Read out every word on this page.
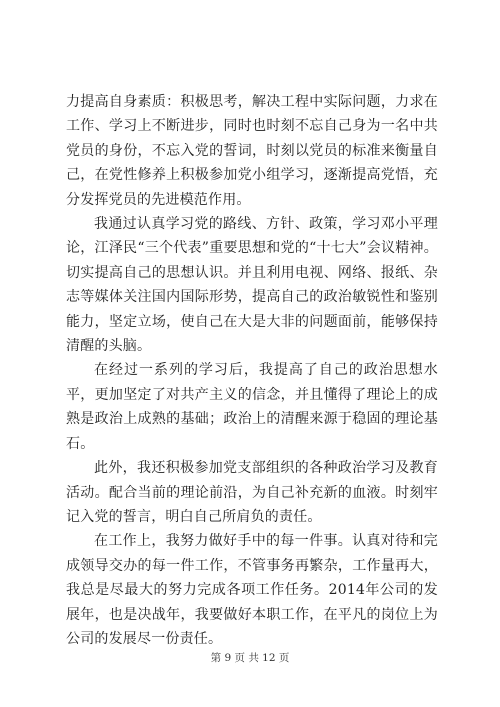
力提高自身素质：积极思考，解决工程中实际问题，力求在工作、学习上不断进步，同时也时刻不忘自己身为一名中共党员的身份，不忘入党的誓词，时刻以党员的标准来衡量自己，在党性修养上积极参加党小组学习，逐渐提高党悟，充分发挥党员的先进模范作用。

我通过认真学习党的路线、方针、政策，学习邓小平理论，江泽民“三个代表”重要思想和党的“十七大”会议精神。切实提高自己的思想认识。并且利用电视、网络、报纸、杂志等媒体关注国内国际形势，提高自己的政治敏锐性和鉴别能力，坚定立场，使自己在大是大非的问题面前，能够保持清醒的头脑。

在经过一系列的学习后，我提高了自己的政治思想水平，更加坚定了对共产主义的信念，并且懂得了理论上的成熟是政治上成熟的基础；政治上的清醒来源于稳固的理论基石。

此外，我还积极参加党支部组织的各种政治学习及教育活动。配合当前的理论前沿，为自己补充新的血液。时刻牢记入党的誓言，明白自己所肩负的责任。

在工作上，我努力做好手中的每一件事。认真对待和完成领导交办的每一件工作，不管事务再繁杂，工作量再大，我总是尽最大的努力完成各项工作任务。2014年公司的发展年，也是决战年，我要做好本职工作，在平凡的岗位上为公司的发展尽一份责任。

第 9 页 共 12 页
